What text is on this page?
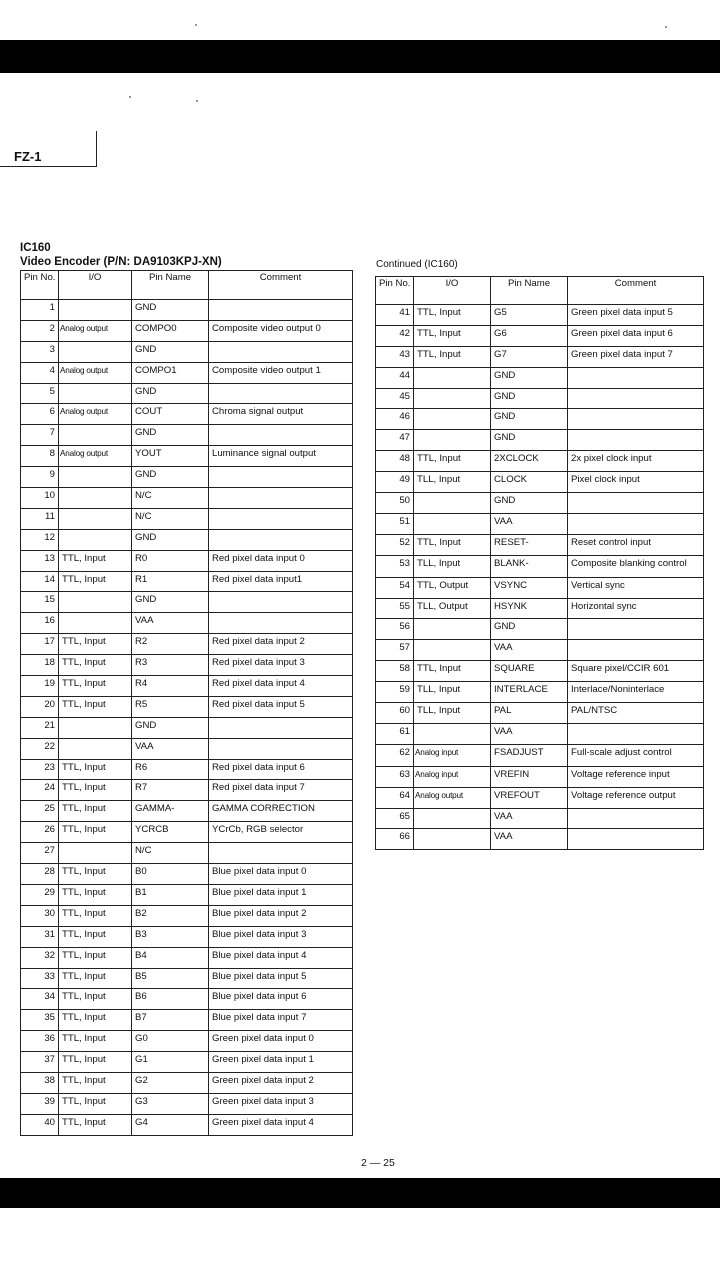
FZ-1
IC160
Video Encoder (P/N: DA9103KPJ-XN)	Continued (IC160)
Pin No.	I/O	Pin Name	Comment
1		GND	
2	Analog output	COMPO0	Composite video output 0
3		GND	
4	Analog output	COMPO1	Composite video output 1
5		GND	
6	Analog output	COUT	Chroma signal output
7		GND	
8	Analog output	YOUT	Luminance signal output
9		GND	
10		N/C	
11		N/C	
12		GND	
13	TTL, Input	R0	Red pixel data input 0
14	TTL, Input	R1	Red pixel data input1
15		GND	
16		VAA	
17	TTL, Input	R2	Red pixel data input 2
18	TTL, Input	R3	Red pixel data input 3
19	TTL, Input	R4	Red pixel data input 4
20	TTL, Input	R5	Red pixel data input 5
21		GND	
22		VAA	
23	TTL, Input	R6	Red pixel data input 6
24	TTL, Input	R7	Red pixel data input 7
25	TTL, Input	GAMMA-	GAMMA CORRECTION
26	TTL, Input	YCRCB	YCrCb, RGB selector
27		N/C	
28	TTL, Input	B0	Blue pixel data input 0
29	TTL, Input	B1	Blue pixel data input 1
30	TTL, Input	B2	Blue pixel data input 2
31	TTL, Input	B3	Blue pixel data input 3
32	TTL, Input	B4	Blue pixel data input 4
33	TTL, Input	B5	Blue pixel data input 5
34	TTL, Input	B6	Blue pixel data input 6
35	TTL, Input	B7	Blue pixel data input 7
36	TTL, Input	G0	Green pixel data input 0
37	TTL, Input	G1	Green pixel data input 1
38	TTL, Input	G2	Green pixel data input 2
39	TTL, Input	G3	Green pixel data input 3
40	TTL, Input	G4	Green pixel data input 4
Pin No.	I/O	Pin Name	Comment
41	TTL, Input	G5	Green pixel data input 5
42	TTL, Input	G6	Green pixel data input 6
43	TTL, Input	G7	Green pixel data input 7
44		GND	
45		GND	
46		GND	
47		GND	
48	TTL, Input	2XCLOCK	2x pixel clock input
49	TLL, Input	CLOCK	Pixel clock input
50		GND	
51		VAA	
52	TTL, Input	RESET-	Reset control input
53	TLL, Input	BLANK-	Composite blanking control
54	TTL, Output	VSYNC	Vertical sync
55	TLL, Output	HSYNK	Horizontal sync
56		GND	
57		VAA	
58	TTL, Input	SQUARE	Square pixel/CCIR 601
59	TLL, Input	INTERLACE	Interlace/Noninterlace
60	TLL, Input	PAL	PAL/NTSC
61		VAA	
62	Analog input	FSADJUST	Full-scale adjust control
63	Analog input	VREFIN	Voltage reference input
64	Analog output	VREFOUT	Voltage reference output
65		VAA	
66		VAA	
2 — 25
